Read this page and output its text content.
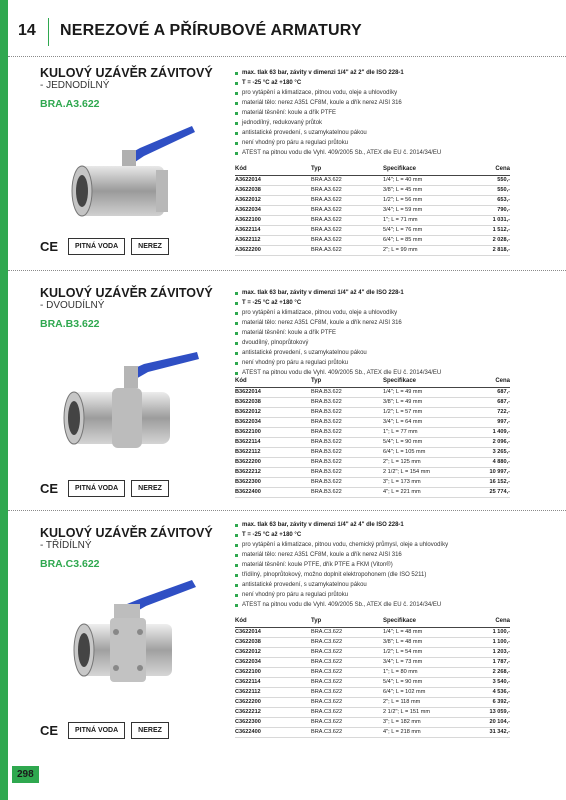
14 NEREZOVÉ A PŘÍRUBOVÉ ARMATURY
KULOVÝ UZÁVĚR ZÁVITOVÝ
- JEDNODÍLNÝ
BRA.A3.622
CE	PITNÁ VODA	NEREZ
max. tlak 63 bar, závity v dimenzi 1/4" až 2" dle ISO 228-1
T = -25 °C až +180 °C
pro vytápění a klimatizace, pitnou vodu, oleje a uhlovodíky
materiál tělo: nerez A351 CF8M, koule a dřík nerez AISI 316
materiál těsnění: koule a dřík PTFE
jednodílný, redukovaný průtok
antistatické provedení, s uzamykatelnou pákou
není vhodný pro páru a regulaci průtoku
ATEST na pitnou vodu dle Vyhl. 409/2005 Sb., ATEX dle EU č. 2014/34/EU
Kód	Typ	Specifikace	Cena
A3622014	BRA.A3.622	1/4"; L = 40 mm	550,-
A3622038	BRA.A3.622	3/8"; L = 45 mm	550,-
A3622012	BRA.A3.622	1/2"; L = 56 mm	653,-
A3622034	BRA.A3.622	3/4"; L = 59 mm	790,-
A3622100	BRA.A3.622	1"; L = 71 mm	1 031,-
A3622114	BRA.A3.622	5/4"; L = 76 mm	1 512,-
A3622112	BRA.A3.622	6/4"; L = 85 mm	2 028,-
A3622200	BRA.A3.622	2"; L = 99 mm	2 818,-
KULOVÝ UZÁVĚR ZÁVITOVÝ
- DVOUDÍLNÝ
BRA.B3.622
CE	PITNÁ VODA	NEREZ
max. tlak 63 bar, závity v dimenzi 1/4" až 4" dle ISO 228-1
T = -25 °C až +180 °C
pro vytápění a klimatizace, pitnou vodu, oleje a uhlovodíky
materiál tělo: nerez A351 CF8M, koule a dřík nerez AISI 316
materiál těsnění: koule a dřík PTFE
dvoudílný, plnoprůtokový
antistatické provedení, s uzamykatelnou pákou
není vhodný pro páru a regulaci průtoku
ATEST na pitnou vodu dle Vyhl. 409/2005 Sb., ATEX dle EU č. 2014/34/EU
Kód	Typ	Specifikace	Cena
B3622014	BRA.B3.622	1/4"; L = 49 mm	687,-
B3622038	BRA.B3.622	3/8"; L = 49 mm	687,-
B3622012	BRA.B3.622	1/2"; L = 57 mm	722,-
B3622034	BRA.B3.622	3/4"; L = 64 mm	997,-
B3622100	BRA.B3.622	1"; L = 77 mm	1 409,-
B3622114	BRA.B3.622	5/4"; L = 90 mm	2 096,-
B3622112	BRA.B3.622	6/4"; L = 105 mm	3 265,-
B3622200	BRA.B3.622	2"; L = 125 mm	4 880,-
B3622212	BRA.B3.622	2 1/2"; L = 154 mm	10 997,-
B3622300	BRA.B3.622	3"; L = 173 mm	16 152,-
B3622400	BRA.B3.622	4"; L = 221 mm	25 774,-
KULOVÝ UZÁVĚR ZÁVITOVÝ
- TŘÍDÍLNÝ
BRA.C3.622
CE	PITNÁ VODA	NEREZ
max. tlak 63 bar, závity v dimenzi 1/4" až 4" dle ISO 228-1
T = -25 °C až +180 °C
pro vytápění a klimatizace, pitnou vodu, chemický průmysl, oleje a uhlovodíky
materiál tělo: nerez A351 CF8M, koule a dřík nerez AISI 316
materiál těsnění: koule PTFE, dřík PTFE a FKM (Viton®)
třídílný, plnoprůtokový, možno doplnit elektropohonem (dle ISO 5211)
antistatické provedení, s uzamykatelnou pákou
není vhodný pro páru a regulaci průtoku
ATEST na pitnou vodu dle Vyhl. 409/2005 Sb., ATEX dle EU č. 2014/34/EU
Kód	Typ	Specifikace	Cena
C3622014	BRA.C3.622	1/4"; L = 48 mm	1 100,-
C3622038	BRA.C3.622	3/8"; L = 48 mm	1 100,-
C3622012	BRA.C3.622	1/2"; L = 54 mm	1 203,-
C3622034	BRA.C3.622	3/4"; L = 73 mm	1 787,-
C3622100	BRA.C3.622	1"; L = 80 mm	2 268,-
C3622114	BRA.C3.622	5/4"; L = 90 mm	3 540,-
C3622112	BRA.C3.622	6/4"; L = 102 mm	4 536,-
C3622200	BRA.C3.622	2"; L = 118 mm	6 392,-
C3622212	BRA.C3.622	2 1/2"; L = 151 mm	13 059,-
C3622300	BRA.C3.622	3"; L = 182 mm	20 104,-
C3622400	BRA.C3.622	4"; L = 218 mm	31 342,-
298
